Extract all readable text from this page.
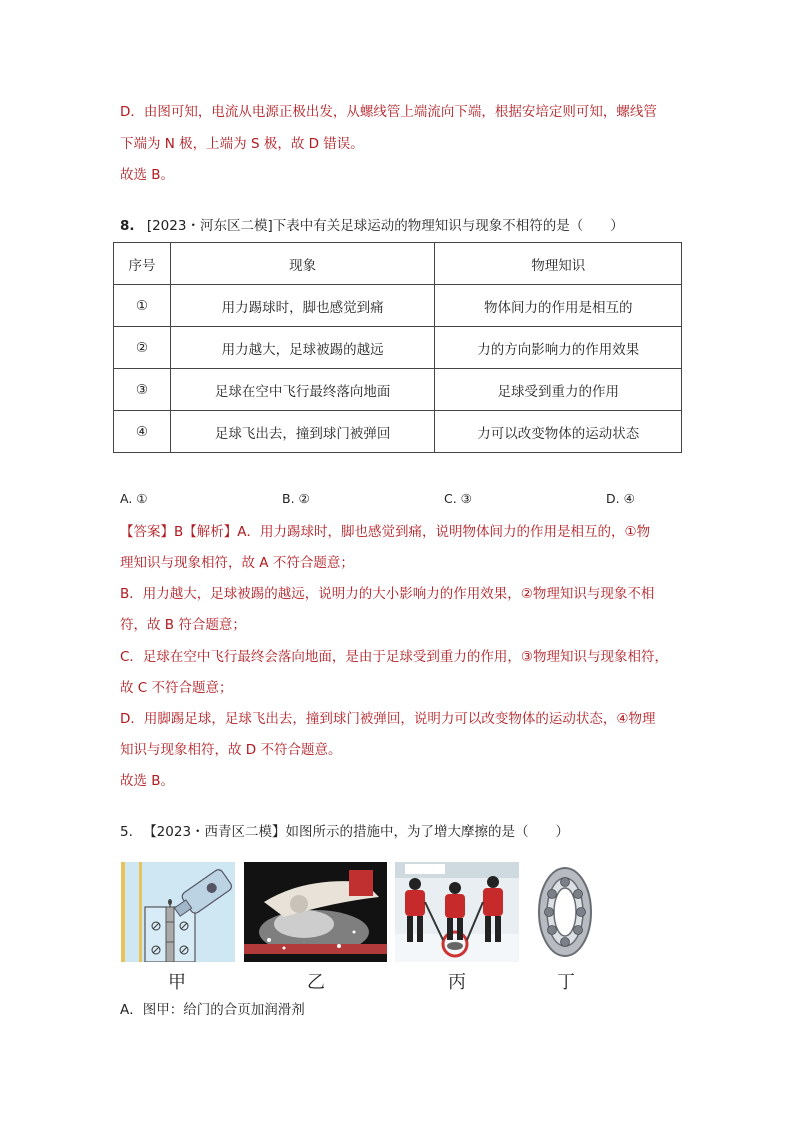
D．由图可知，电流从电源正极出发，从螺线管上端流向下端，根据安培定则可知，螺线管
下端为 N 极，上端为 S 极，故 D 错误。
故选 B。
8. [2023・河东区二模]下表中有关足球运动的物理知识与现象不相符的是（　　）
序号	现象	物理知识
①	用力踢球时，脚也感觉到痛	物体间力的作用是相互的
②	用力越大，足球被踢的越远	力的方向影响力的作用效果
③	足球在空中飞行最终落向地面	足球受到重力的作用
④	足球飞出去，撞到球门被弹回	力可以改变物体的运动状态
A. ①	B. ②	C. ③	D. ④
【答案】B【解析】A．用力踢球时，脚也感觉到痛，说明物体间力的作用是相互的，①物
理知识与现象相符，故 A 不符合题意；
B．用力越大，足球被踢的越远，说明力的大小影响力的作用效果，②物理知识与现象不相
符，故 B 符合题意；
C．足球在空中飞行最终会落向地面，是由于足球受到重力的作用，③物理知识与现象相符，
故 C 不符合题意；
D．用脚踢足球，足球飞出去，撞到球门被弹回，说明力可以改变物体的运动状态，④物理
知识与现象相符，故 D 不符合题意。
故选 B。
5. 【2023・西青区二模】如图所示的措施中，为了增大摩擦的是（　　）
甲	乙	丙	丁
A．图甲：给门的合页加润滑剂
